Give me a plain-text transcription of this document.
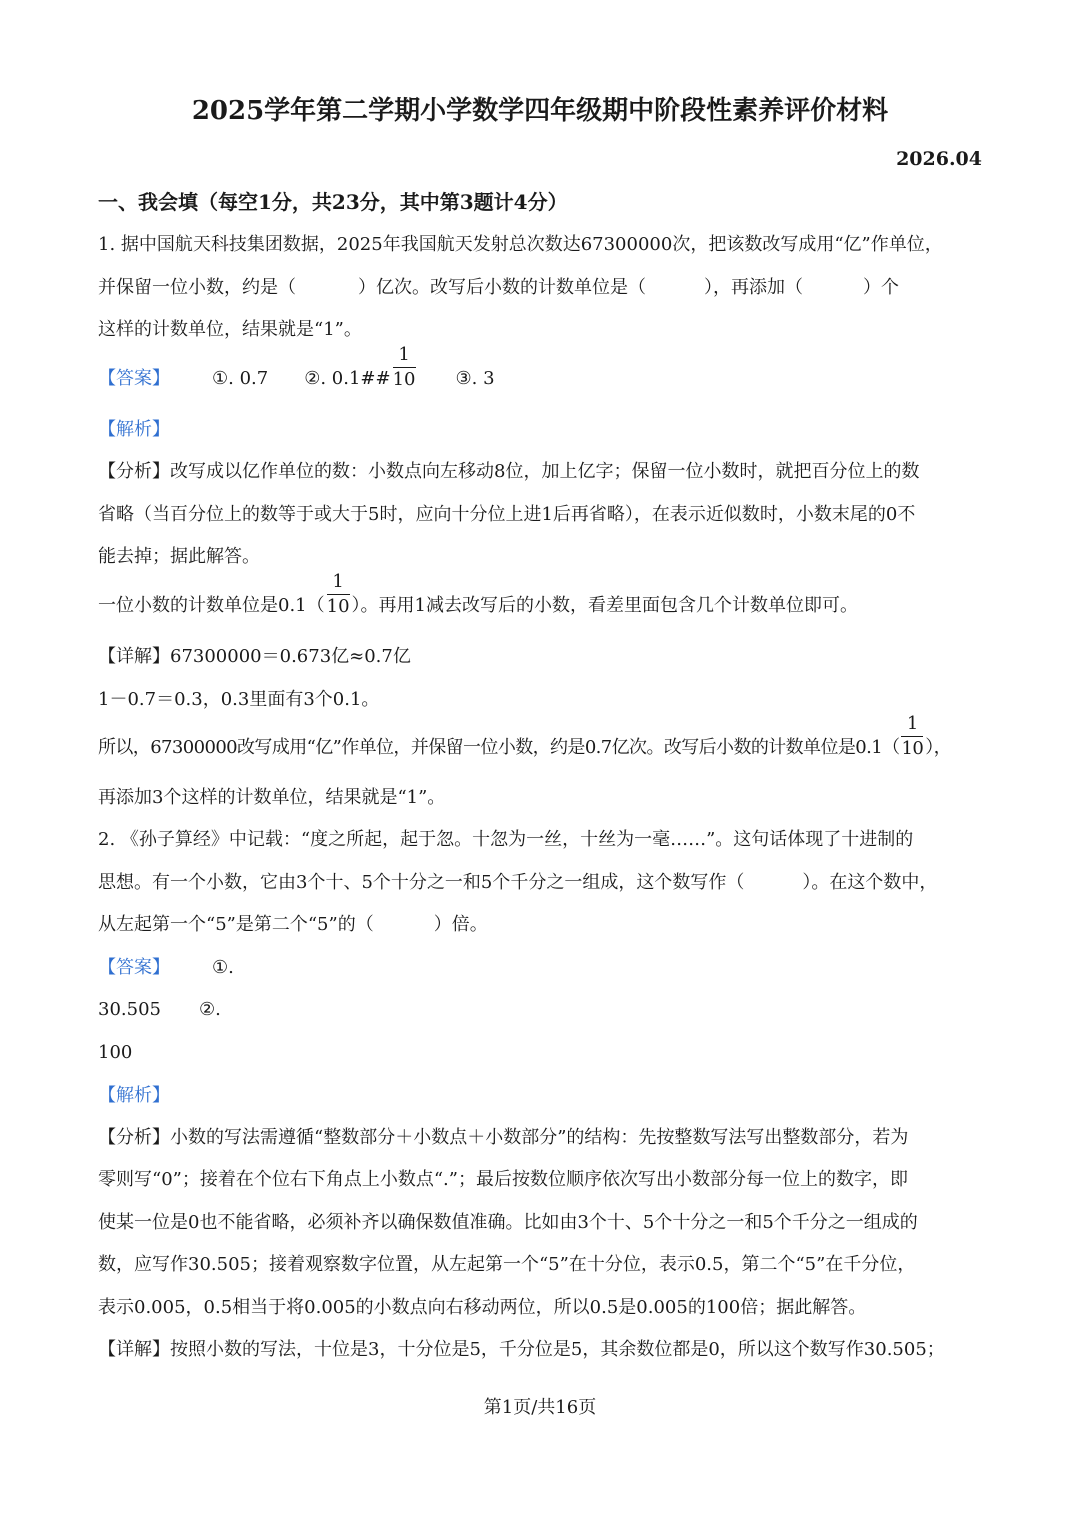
2025学年第二学期小学数学四年级期中阶段性素养评价材料
2026.04
一、我会填（每空1分，共23分，其中第3题计4分）
1. 据中国航天科技集团数据，2025年我国航天发射总次数达67300000次，把该数改写成用“亿”作单位，
并保留一位小数，约是（	）亿次。改写后小数的计数单位是（	），再添加（	）个
这样的计数单位，结果就是“1”。
【答案】 ①. 0.7 ②. 0.1## $\frac{1}{10}$ ③. 3
【解析】
【分析】改写成以亿作单位的数：小数点向左移动8位，加上亿字；保留一位小数时，就把百分位上的数
省略（当百分位上的数等于或大于5时，应向十分位上进1后再省略），在表示近似数时，小数末尾的0不
能去掉；据此解答。
一位小数的计数单位是$0.1( \frac{1}{10}$ ）。再用1减去改写后的小数，看差里面包含几个计数单位即可。
【详解】67300000＝0.673亿≈0.7亿
1－0.7＝0.3，0.3里面有3个0.1。
所以，67300000改写成用“亿”作单位，并保留一位小数，约是0.7亿次。改写后小数的计数单位是$0.1( \frac{1}{10}$ ），
再添加3个这样的计数单位，结果就是“1”。
2. 《孙子算经》中记载：“度之所起，起于忽。十忽为一丝，十丝为一毫……”。这句话体现了十进制的
思想。有一个小数，它由3个十、5个十分之一和5个千分之一组成，这个数写作（	）。在这个数中，
从左起第一个“5”是第二个“5”的（	）倍。
【答案】 ①.
30.505 ②.
100
【解析】
【分析】小数的写法需遵循“整数部分＋小数点＋小数部分”的结构：先按整数写法写出整数部分，若为
零则写“0”；接着在个位右下角点上小数点“.”；最后按数位顺序依次写出小数部分每一位上的数字，即
使某一位是0也不能省略，必须补齐以确保数值准确。比如由3个十、5个十分之一和5个千分之一组成的
数，应写作30.505；接着观察数字位置，从左起第一个“5”在十分位，表示0.5，第二个“5”在千分位，
表示0.005，0.5相当于将0.005的小数点向右移动两位，所以0.5是0.005的100倍；据此解答。
【详解】按照小数的写法，十位是3，十分位是5，千分位是5，其余数位都是0，所以这个数写作30.505；
第1页/共16页
